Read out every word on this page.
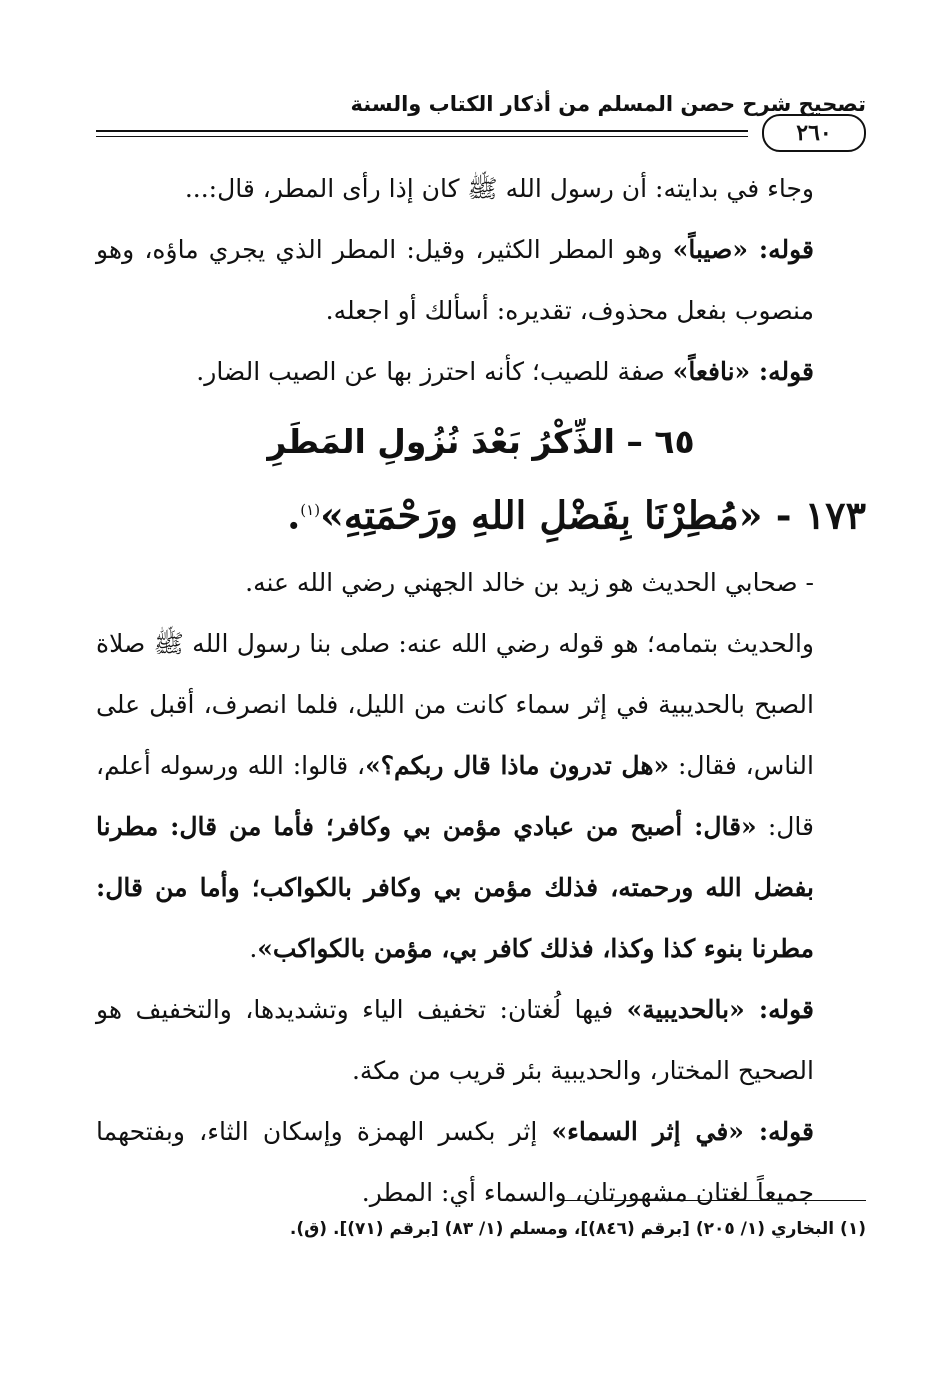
تصحيح شرح حصن المسلم من أذكار الكتاب والسنة
٢٦٠

وجاء في بدايته: أن رسول الله ﷺ كان إذا رأى المطر، قال:...

قوله: «صيباً» وهو المطر الكثير، وقيل: المطر الذي يجري ماؤه، وهو منصوب بفعل محذوف، تقديره: أسألك أو اجعله.

قوله: «نافعاً» صفة للصيب؛ كأنه احترز بها عن الصيب الضار.

٦٥ – الذِّكْرُ بَعْدَ نُزُولِ المَطَرِ

١٧٣ - «مُطِرْنَا بِفَضْلِ اللهِ ورَحْمَتِهِ»$^{(١)}$.

- صحابي الحديث هو زيد بن خالد الجهني رضي الله عنه.

والحديث بتمامه؛ هو قوله رضي الله عنه: صلى بنا رسول الله ﷺ صلاة الصبح بالحديبية في إثر سماء كانت من الليل، فلما انصرف، أقبل على الناس، فقال: «هل تدرون ماذا قال ربكم؟»، قالوا: الله ورسوله أعلم، قال: «قال: أصبح من عبادي مؤمن بي وكافر؛ فأما من قال: مطرنا بفضل الله ورحمته، فذلك مؤمن بي وكافر بالكواكب؛ وأما من قال: مطرنا بنوء كذا وكذا، فذلك كافر بي، مؤمن بالكواكب».

قوله: «بالحديبية» فيها لُغتان: تخفيف الياء وتشديدها، والتخفيف هو الصحيح المختار، والحديبية بئر قريب من مكة.

قوله: «في إثر السماء» إثر بكسر الهمزة وإسكان الثاء، وبفتحهما جميعاً لغتان مشهورتان، والسماء أي: المطر.

(١) البخاري (١/ ٢٠٥) [برقم (٨٤٦)]، ومسلم (١/ ٨٣) [برقم (٧١)]. (ق).
